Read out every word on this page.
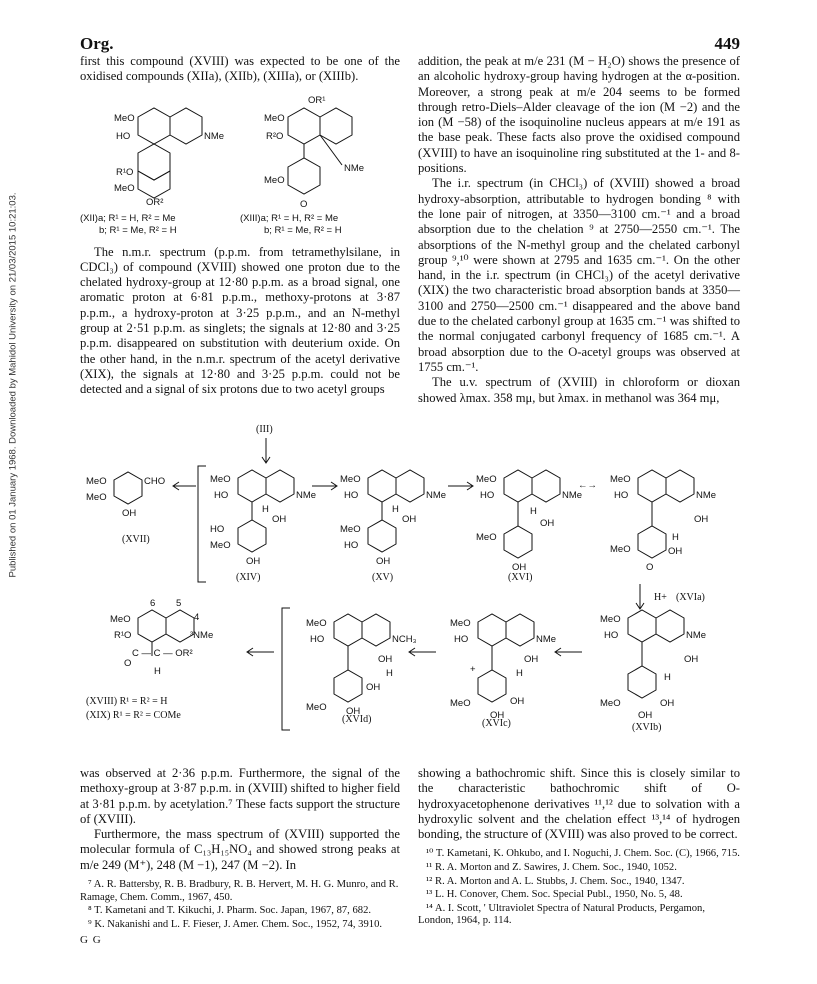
Published on 01 January 1968. Downloaded by Mahidol University on 21/03/2015 10:21:03.
Org.	449

first this compound (XVIII) was expected to be one of the oxidised compounds (XIIa), (XIIb), (XIIIa), or (XIIIb).

MeO
HO	NMe
R¹O
MeO
OR²
OR¹
MeO
R²O
NMe
MeO
O
(XII)a; R¹ = H, R² = Me
b; R¹ = Me, R² = H
(XIII)a; R¹ = H, R² = Me
b; R¹ = Me, R² = H

The n.m.r. spectrum (p.p.m. from tetramethylsilane, in CDCl₃) of compound (XVIII) showed one proton due to the chelated hydroxy-group at 12·80 p.p.m. as a broad signal, one aromatic proton at 6·81 p.p.m., methoxy-protons at 3·87 p.p.m., a hydroxy-proton at 3·25 p.p.m., and an N-methyl group at 2·51 p.p.m. as singlets; the signals at 12·80 and 3·25 p.p.m. disappeared on substitution with deuterium oxide. On the other hand, in the n.m.r. spectrum of the acetyl derivative (XIX), the signals at 12·80 and 3·25 p.p.m. could not be detected and a signal of six protons due to two acetyl groups

addition, the peak at m/e 231 (M − H₂O) shows the presence of an alcoholic hydroxy-group having hydrogen at the α-position. Moreover, a strong peak at m/e 204 seems to be formed through retro-Diels–Alder cleavage of the ion (M −2) and the ion (M −58) of the isoquinoline nucleus appears at m/e 191 as the base peak. These facts also prove the oxidised compound (XVIII) to have an isoquinoline ring substituted at the 1- and 8-positions.

The i.r. spectrum (in CHCl₃) of (XVIII) showed a broad hydroxy-absorption, attributable to hydrogen bonding ⁸ with the lone pair of nitrogen, at 3350—3100 cm.⁻¹ and a broad absorption due to the chelation ⁹ at 2750—2550 cm.⁻¹. The absorptions of the N-methyl group and the chelated carbonyl group ⁹,¹⁰ were shown at 2795 and 1635 cm.⁻¹. On the other hand, in the i.r. spectrum (in CHCl₃) of the acetyl derivative (XIX) the two characteristic broad absorption bands at 3350—3100 and 2750—2500 cm.⁻¹ disappeared and the above band due to the chelated carbonyl group at 1635 cm.⁻¹ was shifted to the normal conjugated carbonyl frequency of 1685 cm.⁻¹. A broad absorption due to the O-acetyl groups was observed at 1755 cm.⁻¹.

The u.v. spectrum of (XVIII) in chloroform or dioxan showed λmax. 358 mμ, but λmax. in methanol was 364 mμ,

(III)
MeO
MeO
CHO
OH
(XVII)
MeO
HO	NMe
H
OH
HO
MeO
OH
(XIV)
MeO
HO	NMe
H
OH
MeO
HO
OH
(XV)
MeO
HO	NMe
H
OH
MeO
OH
(XVI)
←→
MeO
HO	NMe
OH
H
MeO	OH
O
H+ (XVIa)
6 5
4
MeO
R¹O	³NMe
C — C — OR²
O
H
(XVIII) R¹ = R² = H
(XIX) R¹ = R² = COMe
MeO
HO	NCH₃
OH
H
OH
MeO OH
(XVId)
MeO
HO	NMe
OH
+	H
MeO	OH
OH
(XVIc)
MeO
HO	NMe
OH
H
MeO	OH
OH
(XVIb)

was observed at 2·36 p.p.m. Furthermore, the signal of the methoxy-group at 3·87 p.p.m. in (XVIII) shifted to higher field at 3·81 p.p.m. by acetylation.⁷ These facts support the structure of (XVIII).

Furthermore, the mass spectrum of (XVIII) supported the molecular formula of C₁₃H₁₅NO₄ and showed strong peaks at m/e 249 (M⁺), 248 (M −1), 247 (M −2). In

⁷ A. R. Battersby, R. B. Bradbury, R. B. Hervert, M. H. G. Munro, and R. Ramage, Chem. Comm., 1967, 450.

⁸ T. Kametani and T. Kikuchi, J. Pharm. Soc. Japan, 1967, 87, 682.

⁹ K. Nakanishi and L. F. Fieser, J. Amer. Chem. Soc., 1952, 74, 3910.

G G

showing a bathochromic shift. Since this is closely similar to the characteristic bathochromic shift of O-hydroxyacetophenone derivatives ¹¹,¹² due to solvation with a hydroxylic solvent and the chelation effect ¹³,¹⁴ of hydrogen bonding, the structure of (XVIII) was also proved to be correct.

¹⁰ T. Kametani, K. Ohkubo, and I. Noguchi, J. Chem. Soc. (C), 1966, 715.

¹¹ R. A. Morton and Z. Sawires, J. Chem. Soc., 1940, 1052.

¹² R. A. Morton and A. L. Stubbs, J. Chem. Soc., 1940, 1347.

¹³ L. H. Conover, Chem. Soc. Special Publ., 1950, No. 5, 48.

¹⁴ A. I. Scott, ' Ultraviolet Spectra of Natural Products, Pergamon, London, 1964, p. 114.
